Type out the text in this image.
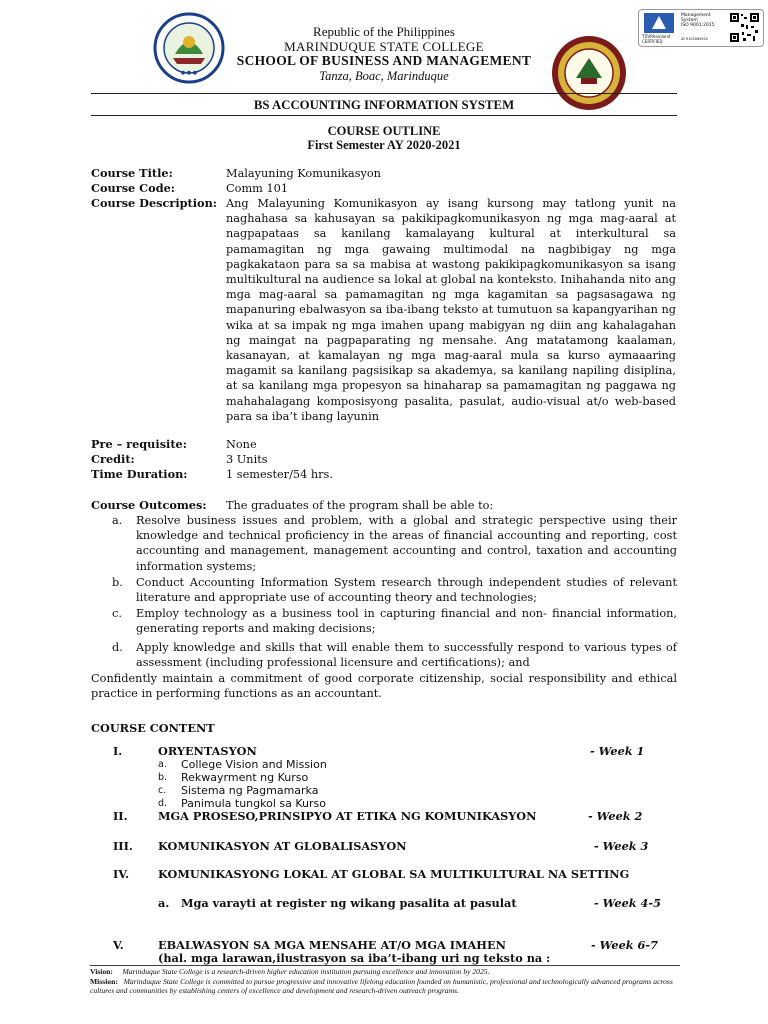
● ● ●
Republic of the Philippines
MARINDUQUE STATE COLLEGE
SCHOOL OF BUSINESS AND MANAGEMENT
Tanza, Boac, Marinduque
TÜVRheinland
CERTIFIED
Management
System
ISO 9001:2015
ID 9105084920
BS ACCOUNTING INFORMATION SYSTEM
COURSE OUTLINE
First Semester AY 2020-2021
Course Title:	Malayuning Komunikasyon
Course Code:	Comm 101
Course Description: Ang Malayuning Komunikasyon ay isang kursong may tatlong yunit na naghahasa sa kahusayan sa pakikipagkomunikasyon ng mga mag-aaral at nagpapataas sa kanilang kamalayang kultural at interkultural sa pamamagitan ng mga gawaing multimodal na nagbibigay ng mga pagkakataon para sa sa mabisa at wastong pakikipagkomunikasyon sa isang multikultural na audience sa lokal at global na konteksto. Inihahanda nito ang mga mag-aaral sa pamamagitan ng mga kagamitan sa pagsasagawa ng mapanuring ebalwasyon sa iba-ibang teksto at tumutuon sa kapangyarihan ng wika at sa impak ng mga imahen upang mabigyan ng diin ang kahalagahan ng maingat na pagpaparating ng mensahe. Ang matatamong kaalaman, kasanayan, at kamalayan ng mga mag-aaral mula sa kurso aymaaaring magamit sa kanilang pagsisikap sa akademya, sa kanilang napiling disiplina, at sa kanilang mga propesyon sa hinaharap sa pamamagitan ng paggawa ng mahahalagang komposisyong pasalita, pasulat, audio-visual at/o web-based para sa iba’t ibang layunin
Pre – requisite:	None
Credit:	3 Units
Time Duration:	1 semester/54 hrs.
Course Outcomes: The graduates of the program shall be able to:
a. Resolve business issues and problem, with a global and strategic perspective using their knowledge and technical proficiency in the areas of financial accounting and reporting, cost accounting and management, management accounting and control, taxation and accounting information systems;
b. Conduct Accounting Information System research through independent studies of relevant literature and appropriate use of accounting theory and technologies;
c. Employ technology as a business tool in capturing financial and non- financial information, generating reports and making decisions;
d. Apply knowledge and skills that will enable them to successfully respond to various types of assessment (including professional licensure and certifications); and
Confidently maintain a commitment of good corporate citizenship, social responsibility and ethical practice in performing functions as an accountant.
COURSE CONTENT
I.	ORYENTASYON	- Week 1
a. College Vision and Mission
b. Rekwayrment ng Kurso
c. Sistema ng Pagmamarka
d. Panimula tungkol sa Kurso
II.	MGA PROSESO,PRINSIPYO AT ETIKA NG KOMUNIKASYON	- Week 2
III. KOMUNIKASYON AT GLOBALISASYON	- Week 3
IV.	KOMUNIKASYONG LOKAL AT GLOBAL SA MULTIKULTURAL NA SETTING
a. Mga varayti at register ng wikang pasalita at pasulat	- Week 4-5
V.	EBALWASYON SA MGA MENSAHE AT/O MGA IMAHEN	- Week 6-7
(hal. mga larawan,ilustrasyon sa iba’t-ibang uri ng teksto na :
Vision: Marinduque State College is a research-driven higher education institution pursuing excellence and innovation by 2025.
Mission: Marinduque State College is committed to pursue progressive and innovative lifelong education founded on humanistic, professional and technologically advanced programs across cultures and communities by establishing centers of excellence and development and research-driven outreach programs.
